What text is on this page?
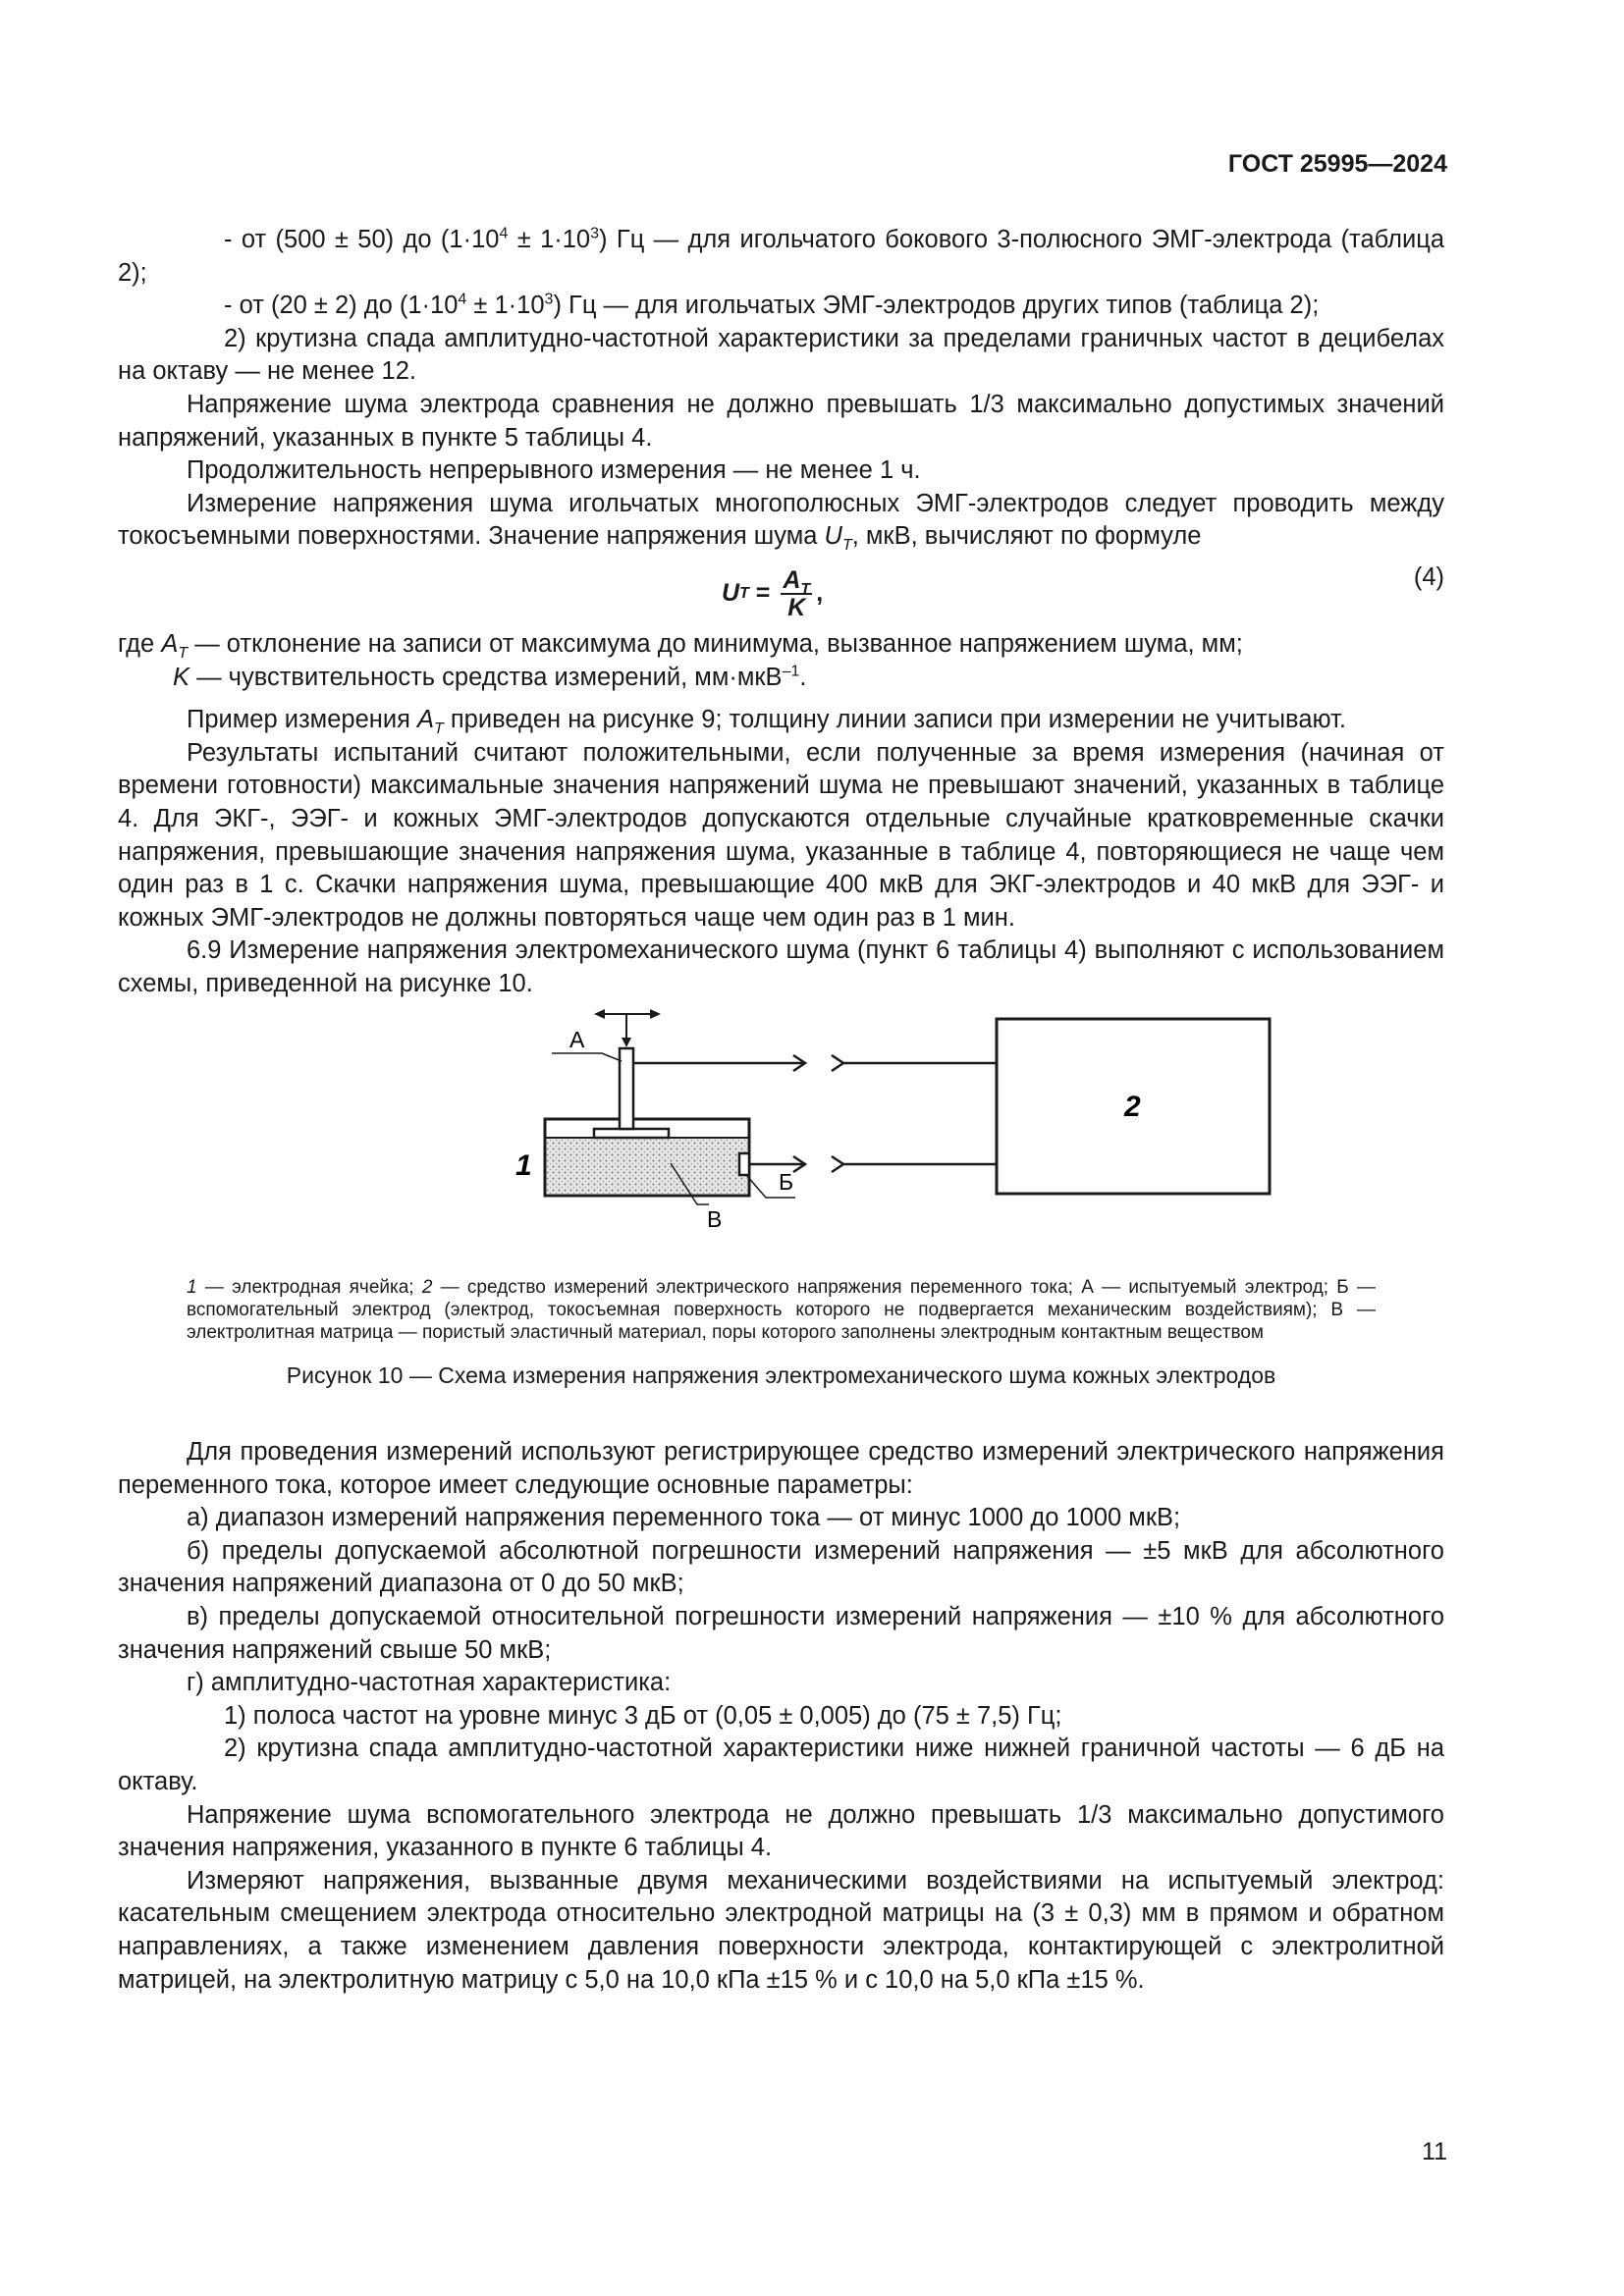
ГОСТ 25995—2024

- от (500 ± 50) до $(1\cdot 10^4 \pm 1\cdot 10^3)$ Гц — для игольчатого бокового 3-полюсного ЭМГ-электрода (таблица 2);

- от (20 ± 2) до $(1\cdot 10^4 \pm 1\cdot 10^3)$ Гц — для игольчатых ЭМГ-электродов других типов (таблица 2);

2) крутизна спада амплитудно-частотной характеристики за пределами граничных частот в децибелах на октаву — не менее 12.

Напряжение шума электрода сравнения не должно превышать 1/3 максимально допустимых значений напряжений, указанных в пункте 5 таблицы 4.

Продолжительность непрерывного измерения — не менее 1 ч.

Измерение напряжения шума игольчатых многополюсных ЭМГ-электродов следует проводить между токосъемными поверхностями. Значение напряжения шума $U_T$, мкВ, вычисляют по формуле

U $T = \frac{A_T}{K}$ ,
(4)

где $A_T$ — отклонение на записи от максимума до минимума, вызванное напряжением шума, мм;

K — чувствительность средства измерений, мм·мкВ$^{-1}$.

Пример измерения $A_T$ приведен на рисунке 9; толщину линии записи при измерении не учитывают.

Результаты испытаний считают положительными, если полученные за время измерения (начиная от времени готовности) максимальные значения напряжений шума не превышают значений, указанных в таблице 4. Для ЭКГ-, ЭЭГ- и кожных ЭМГ-электродов допускаются отдельные случайные кратковременные скачки напряжения, превышающие значения напряжения шума, указанные в таблице 4, повторяющиеся не чаще чем один раз в 1 с. Скачки напряжения шума, превышающие 400 мкВ для ЭКГ-электродов и 40 мкВ для ЭЭГ- и кожных ЭМГ-электродов не должны повторяться чаще чем один раз в 1 мин.

6.9 Измерение напряжения электромеханического шума (пункт 6 таблицы 4) выполняют с использованием схемы, приведенной на рисунке 10.

А
1
2
В
Б
1 — электродная ячейка; 2 — средство измерений электрического напряжения переменного тока; А — испытуемый электрод; Б — вспомогательный электрод (электрод, токосъемная поверхность которого не подвергается механическим воздействиям); В — электролитная матрица — пористый эластичный материал, поры которого заполнены электродным контактным веществом
Рисунок 10 — Схема измерения напряжения электромеханического шума кожных электродов

Для проведения измерений используют регистрирующее средство измерений электрического напряжения переменного тока, которое имеет следующие основные параметры:

а) диапазон измерений напряжения переменного тока — от минус 1000 до 1000 мкВ;

б) пределы допускаемой абсолютной погрешности измерений напряжения — ±5 мкВ для абсолютного значения напряжений диапазона от 0 до 50 мкВ;

в) пределы допускаемой относительной погрешности измерений напряжения — ±10 % для абсолютного значения напряжений свыше 50 мкВ;

г) амплитудно-частотная характеристика:

1) полоса частот на уровне минус 3 дБ от (0,05 ± 0,005) до (75 ± 7,5) Гц;

2) крутизна спада амплитудно-частотной характеристики ниже нижней граничной частоты — 6 дБ на октаву.

Напряжение шума вспомогательного электрода не должно превышать 1/3 максимально допустимого значения напряжения, указанного в пункте 6 таблицы 4.

Измеряют напряжения, вызванные двумя механическими воздействиями на испытуемый электрод: касательным смещением электрода относительно электродной матрицы на (3 ± 0,3) мм в прямом и обратном направлениях, а также изменением давления поверхности электрода, контактирующей с электролитной матрицей, на электролитную матрицу с 5,0 на 10,0 кПа ±15 % и с 10,0 на 5,0 кПа ±15 %.

11
